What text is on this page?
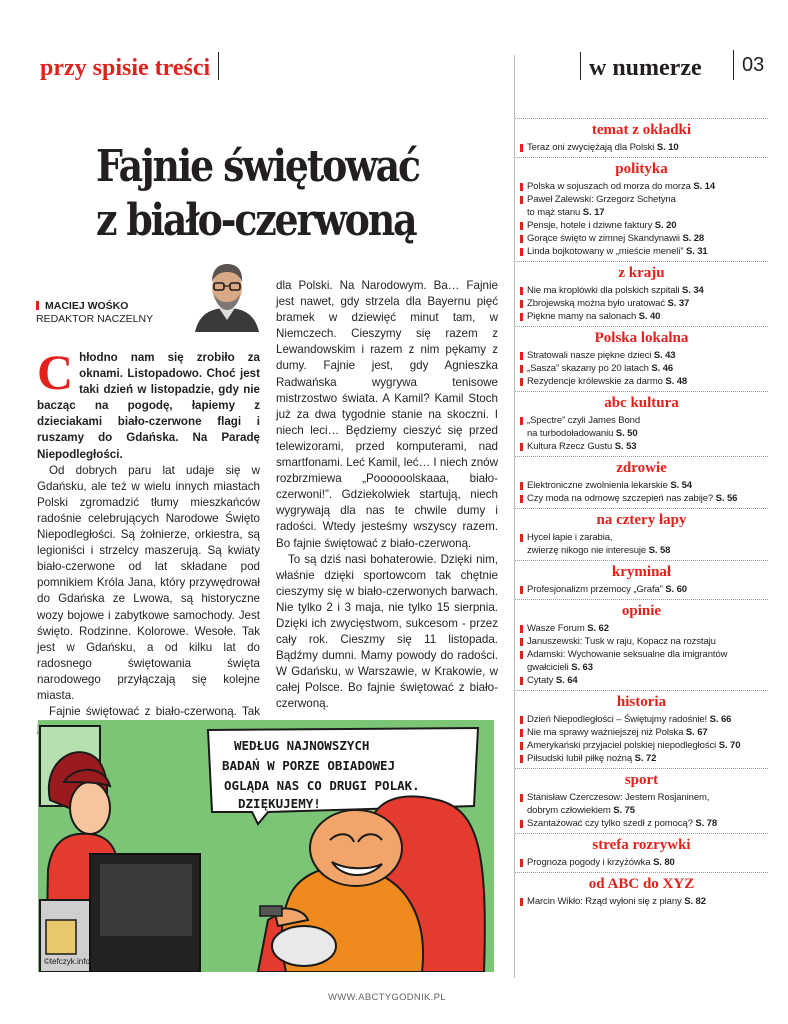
przy spisie treści	w numerze	03
Fajnie świętować
z biało-czerwoną
MACIEJ WOŚKO
REDAKTOR NACZELNY

Chłodno nam się zrobiło za oknami. Listopadowo. Choć jest taki dzień w listopadzie, gdy nie bacząc na pogodę, łapiemy z dzieciakami biało-czerwone flagi i ruszamy do Gdańska. Na Paradę Niepodległości.

Od dobrych paru lat udaje się w Gdańsku, ale też w wielu innych miastach Polski zgromadzić tłumy mieszkańców radośnie celebrujących Narodowe Święto Niepodległości. Są żołnierze, orkiestra, są legioniści i strzelcy maszerują. Są kwiaty biało-czerwone od lat składane pod pomnikiem Króla Jana, który przywędrował do Gdańska ze Lwowa, są historyczne wozy bojowe i zabytkowe samochody. Jest święto. Rodzinne. Kolorowe. Wesołe. Tak jest w Gdańsku, a od kilku lat do radosnego świętowania święta narodowego przyłączają się kolejne miasta.

Fajnie świętować z biało-czerwoną. Tak

dla Polski. Na Narodowym. Ba… Fajnie jest nawet, gdy strzela dla Bayernu pięć bramek w dziewięć minut tam, w Niemczech. Cieszymy się razem z Lewandowskim i razem z nim pękamy z dumy. Fajnie jest, gdy Agnieszka Radwańska wygrywa tenisowe mistrzostwo świata. A Kamil? Kamil Stoch już za dwa tygodnie stanie na skoczni. I niech leci… Będziemy cieszyć się przed telewizorami, przed komputerami, nad smartfonami. Leć Kamil, leć… I niech znów rozbrzmiewa „Poooooolskaaa, biało-czerwoni!”. Gdziekolwiek startują, niech wygrywają dla nas te chwile dumy i radości. Wtedy jesteśmy wszyscy razem. Bo fajnie świętować z biało-czerwoną.

To są dziś nasi bohaterowie. Dzięki nim, właśnie dzięki sportowcom tak chętnie cieszymy się w biało-czerwonych barwach. Nie tylko 2 i 3 maja, nie tylko 15 sierpnia. Dzięki ich zwycięstwom, sukcesom - przez cały rok. Cieszmy się 11 listopada. Bądźmy dumni. Mamy powody do radości. W Gdańsku, w Warszawie, w Krakowie, w całej Polsce. Bo fajnie świętować z biało-czerwoną.

WEDŁUG NAJNOWSZYCH
BADAŃ W PORZE OBIADOWEJ
OGLĄDA NAS CO DRUGI POLAK.
DZIĘKUJEMY!
©tefczyk.info
temat z okładki
Teraz oni zwyciężają dla Polski S. 10
polityka
Polska w sojuszach od morza do morza S. 14
Paweł Zalewski: Grzegorz Schetyna
to mąż stanu S. 17
Pensje, hotele i dziwne faktury S. 20
Gorące święto w zimnej Skandynawii S. 28
Linda bojkotowany w „mieście meneli” S. 31
z kraju
Nie ma kroplówki dla polskich szpitali S. 34
Zbrojewską można było uratować S. 37
Piękne mamy na salonach S. 40
Polska lokalna
Stratowali nasze piękne dzieci S. 43
„Sasza” skazany po 20 latach S. 46
Rezydencje królewskie za darmo S. 48
abc kultura
„Spectre” czyli James Bond
na turbodoładowaniu S. 50
Kultura Rzecz Gustu S. 53
zdrowie
Elektroniczne zwolnienia lekarskie S. 54
Czy moda na odmowę szczepień nas zabije? S. 56
na cztery łapy
Hycel łapie i zarabia,
zwierzę nikogo nie interesuje S. 58
kryminał
Profesjonalizm przemocy „Grafa” S. 60
opinie
Wasze Forum S. 62
Januszewski: Tusk w raju, Kopacz na rozstaju
Adamski: Wychowanie seksualne dla imigrantów
gwałcicieli S. 63
Cytaty S. 64
historia
Dzień Niepodległości – Świętujmy radośnie! S. 66
Nie ma sprawy ważniejszej niż Polska S. 67
Amerykański przyjaciel polskiej niepodległości S. 70
Piłsudski lubił piłkę nożną S. 72
sport
Stanisław Czerczesow: Jestem Rosjaninem,
dobrym człowiekiem S. 75
Szantażować czy tylko szedł z pomocą? S. 78
strefa rozrywki
Prognoza pogody i krzyżówka S. 80
od ABC do XYZ
Marcin Wikło: Rząd wyłoni się z piany S. 82
WWW.ABCTYGODNIK.PL
